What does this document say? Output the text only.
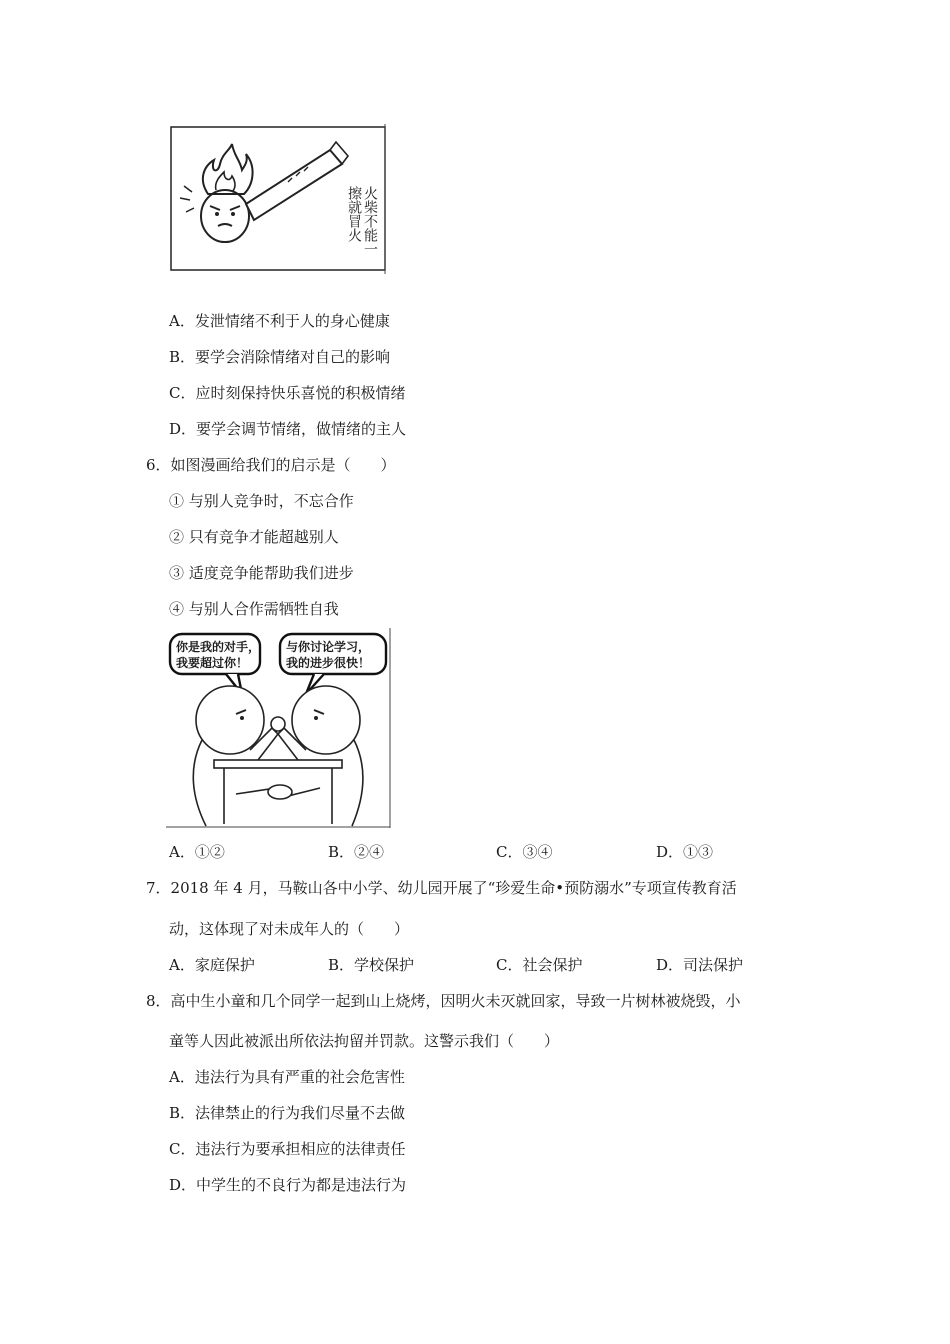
火柴不能一擦就冒火
A．发泄情绪不利于人的身心健康
B．要学会消除情绪对自己的影响
C．应时刻保持快乐喜悦的积极情绪
D．要学会调节情绪，做情绪的主人
6．如图漫画给我们的启示是（　　）
① 与别人竞争时，不忘合作
② 只有竞争才能超越别人
③ 适度竞争能帮助我们进步
④ 与别人合作需牺牲自我
你是我的对手，
我要超过你！
与你讨论学习，
我的进步很快！
A．①②	B．②④	C．③④	D．①③
7．2018 年 4 月，马鞍山各中小学、幼儿园开展了“珍爱生命•预防溺水”专项宣传教育活
动，这体现了对未成年人的（　　）
A．家庭保护	B．学校保护	C．社会保护	D．司法保护
8．高中生小童和几个同学一起到山上烧烤，因明火未灭就回家，导致一片树林被烧毁，小
童等人因此被派出所依法拘留并罚款。这警示我们（　　）
A．违法行为具有严重的社会危害性
B．法律禁止的行为我们尽量不去做
C．违法行为要承担相应的法律责任
D．中学生的不良行为都是违法行为
